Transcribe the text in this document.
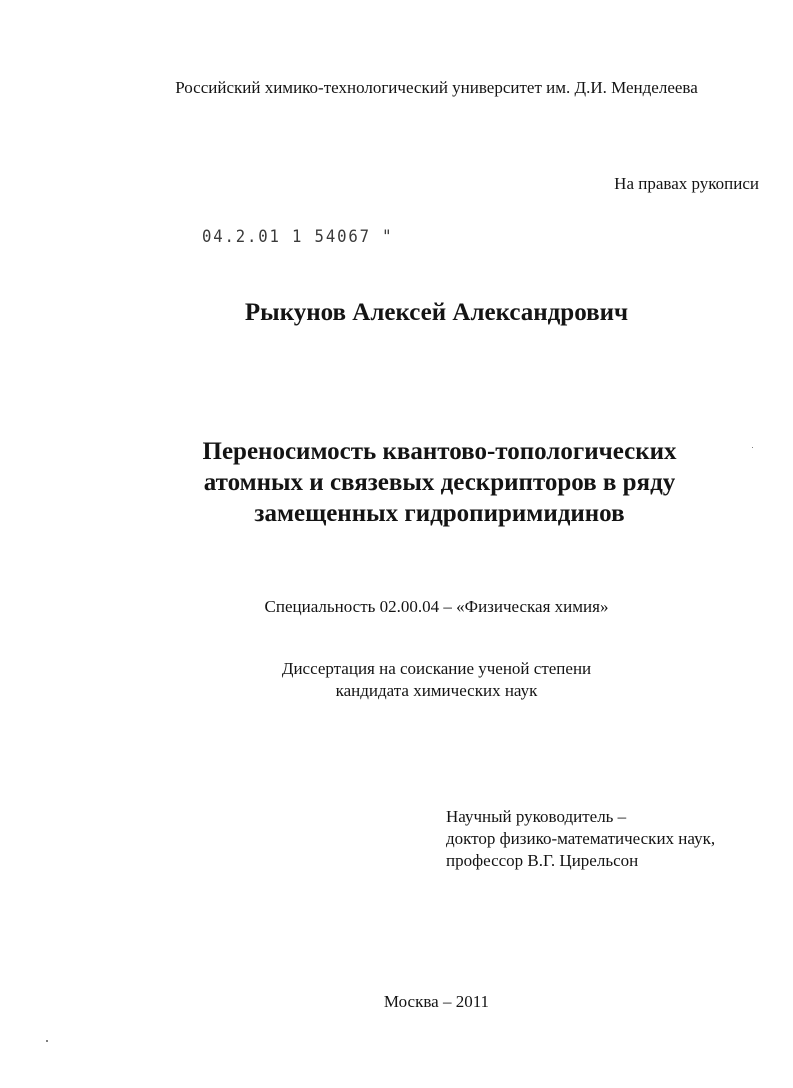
Российский химико-технологический университет им. Д.И. Менделеева
На правах рукописи
04.2.01 1 54067 "
Рыкунов Алексей Александрович
Переносимость квантово-топологических
атомных и связевых дескрипторов в ряду
замещенных гидропиримидинов
Специальность 02.00.04 – «Физическая химия»
Диссертация на соискание ученой степени
кандидата химических наук
Научный руководитель –
доктор физико-математических наук,
профессор В.Г. Цирельсон
Москва – 2011
